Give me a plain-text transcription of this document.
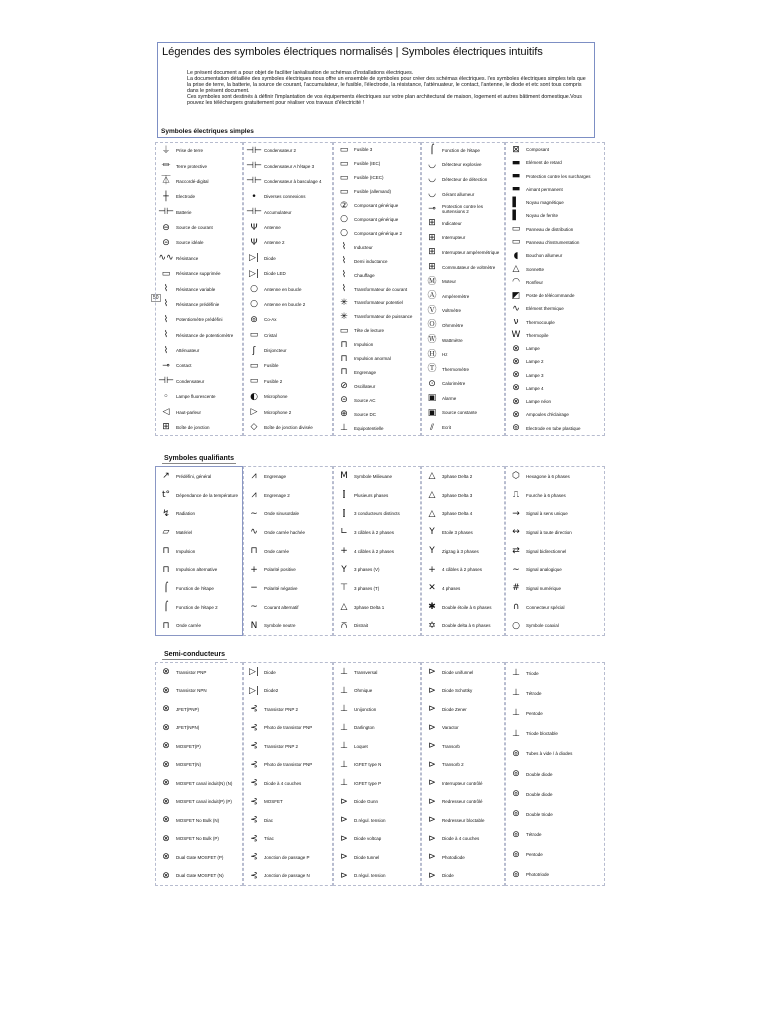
Légendes des symboles électriques normalisés | Symboles électriques intuitifs

Le présent document a pour objet de faciliter laréalisation de schémas d'installations électriques.

La documentation détaillée des symboles électriques nous offre un ensemble de symboles pour créer des schémas électriques. l'es symboles électriques simples tels que la prise de terre, la batterie, la source de courant, l'accumulateur, le fusible, l'électrode, la résistance, l'atténuateur, le contact, l'antenne, le diode et etc sont tous compris dans le présent document.

Ces symboles sont destinés à définir l'implantation de vos équipements électriques sur votre plan architectural de maison, logement et autres bâtiment domestique.Vous pouvez les téléchargers gratuitement pour réaliser vos travaux d'électricité !

Symboles électriques simples
50
Symboles qualifiants
Semi-conducteurs
⏚	Prise de terre
⏛	Terre protective
⏄	Raccordé-digital
┼	Electrode
⊣⊢ Batterie
⊖	Source de courant
⊝	Source idéale
∿∿ Résistance
▭	Résistance supprimée
⌇	Résistance variable
⌇	Résistance prédéfinie
⌇	Potentiomètre prédéfini
⌇	Résistance de potentiomètre
⌇	Atténuateur
⊸	Contact
⊣⊢ Condensateur
◦	Lampe fluorescente
◁	Haut-parleur
⊞	Boîte de jonction
⊣⊢ Condensateur 2
⊣⊢ Condensateur A l'étape 3
⊣⊢ Condensateur à basculage 4
•	Diverses connexions
⊣⊢ Accumulateur
Ψ	Antenne
Ψ	Antenne 2
▷|	Diode
▷|	Diode LED
○	Antenne en boucle
○	Antenne en boucle 2
⊚	Co-Ax
▭	Cristal
ʃ	Disjoncteur
▭	Fusible
▭	Fusible 2
◐	Microphone
▷	Microphone 2
◇	Boîte de jonction divisée
▭	Fusible 3
▭	Fusible (IEC)
▭	Fusible (ICEC)
▭	Fusible (allemand)
②	Composant générique
○	Composant générique
○	Composant générique 2
⌇	Inducteur
⌇	Demi inductance
⌇	Chauffage
⌇	Transformateur de courant
✳	Transformateur potentiel
✳	Transformateur de puissance
▭	Tête de lecture
⊓	Impulsion
⊓	Impulsion anormal
⊓	Engrenage
⊘	Oscillateur
⊝	Source AC
⊕	Source DC
⊥	Equipotentielle
⌠	Fonction de l'étape
◡	Détecteur explosive
◡	Détecteur de détection
◡	Gérant allumeur
⊸	Protection contre les surtensions 2
⊞	Indicateur
⊞	Interrupteur
⊞	Interrupteur ampèremétrique
⊞	Commutateur de voltmètre
Ⓜ	Moteur
Ⓐ	Ampèremètre
Ⓥ	Voltmètre
Ⓞ	Ohmmètre
Ⓦ	Wattmètre
Ⓗ	Hz
Ⓣ	Thermomètre
⊙	Calorimètre
▣	Alarme
▣	Source constante
⫽	Ecrit
⊠	Composant
▬	Elément de retard
▬	Protection contre les surcharges
▬	Aimant permanent
▌	Noyau magnétique
▌	Noyau de ferrite
▭	Panneau de distribution
▭	Panneau d'instrumentation
◖	Bouchon allumeur
△	Sonnette
◠	Ronfleur
◩	Poste de télécommande
∿	Elément thermique
ν	Thermocouple
W	Thermopile
⊗	Lampe
⊗	Lampe 2
⊗	Lampe 3
⊗	Lampe 4
⊗	Lampe néon
⊗	Ampoules d'éclairage
⊚	Electrode en tube plastique
↗	Prédéfini, général
t°	Dépendance de la température
↯	Radiation
▱	Matériel
⊓	Impulsion
⊓	Impulsion alternative
⌠	Fonction de l'étape
⌠	Fonction de l'étape 2
⊓	Onde carrée
⩘	Engrenage
⩘	Engrenage 2
∼	Onde sinusoïdale
∿	Onde carrée hachée
⊓	Onde carrée
+	Polarité positive
−	Polarité négative
~	Courant alternatif
N	Symbole neutre
M	Symbole Milieuane
⫿	Plusieurs phases
⫿	3 conducteurs distincts
∟	3 câbles à 2 phases
+	4 câbles à 2 phases
Y	3 phases (V)
⊤	3 phases (T)
△	3phase Delta 1
⩃	Distrait
△	3phase Delta 2
△	3phase Delta 3
△	3phase Delta 4
Y	Etoile 3 phases
Y	Zigzag à 3 phases
+	4 câbles à 2 phases
✕	4 phases
✱	Double étoile à 6 phases
✡	Double delta à 6 phases
⬡	Hexagone à 6 phases
⎍	Fourche à 6 phases
→	Signal à sens unique
↔	Signal à toute direction
⇄	Signal bidirectionnel
∼	Signal analogique
#	Signal numérique
∩	Connecteur spécial
○	Symbole coaxial
⊗	Transistor PNP
⊗	Transistor NPN
⊗	JFET(PNP)
⊗	JFET(NPN)
⊗	MOSFET(P)
⊗	MOSFET(N)
⊗	MOSFET canal induit(N) (N)
⊗	MOSFET canal induit(P) (P)
⊗	MOSFET No Bulk (N)
⊗	MOSFET No Bulk (P)
⊗	Dual Gate MOSFET (P)
⊗	Dual Gate MOSFET (N)
▷|	Diode
▷|	Diode2
⊰	Transistor PNP 2
⊰	Photo de transistor PNP
⊰	Transistor PNP 2
⊰	Photo de transistor PNP
⊰	Diode à 4 couches
⊰	MOSFET
⊰	Diac
⊰	Triac
⊰	Jonction de passage P
⊰	Jonction de passage N
⊥	Transversal
⊥	Ohmique
⊥	Unijonction
⊥	Darlington
⊥	Loquet
⊥	IGFET type N
⊥	IGFET type P
⊳	Diode Gunn
⊳	D.régul. tension
⊳	Diode voltcap
⊳	Diode tunnel
⊳	D.régul. tension
⊳	Diode unifunnel
⊳	Diode Schottky
⊳	Diode Zener
⊳	Varactor
⊳	Transorb
⊳	Transorb 2
⊳	Interrupteur contrôlé
⊳	Redresseur contrôlé
⊳	Redresseur bloctable
⊳	Diode à 4 couches
⊳	Photodiode
⊳	Diode
⊥	Triode
⊥	Tétrode
⊥	Pentode
⊥	Triode bloctable
⊚	Tubes à vide / à diodes
⊚	Double diode
⊚	Double diode
⊚	Double triode
⊚	Tétrode
⊚	Pentode
⊚	Phototriode
